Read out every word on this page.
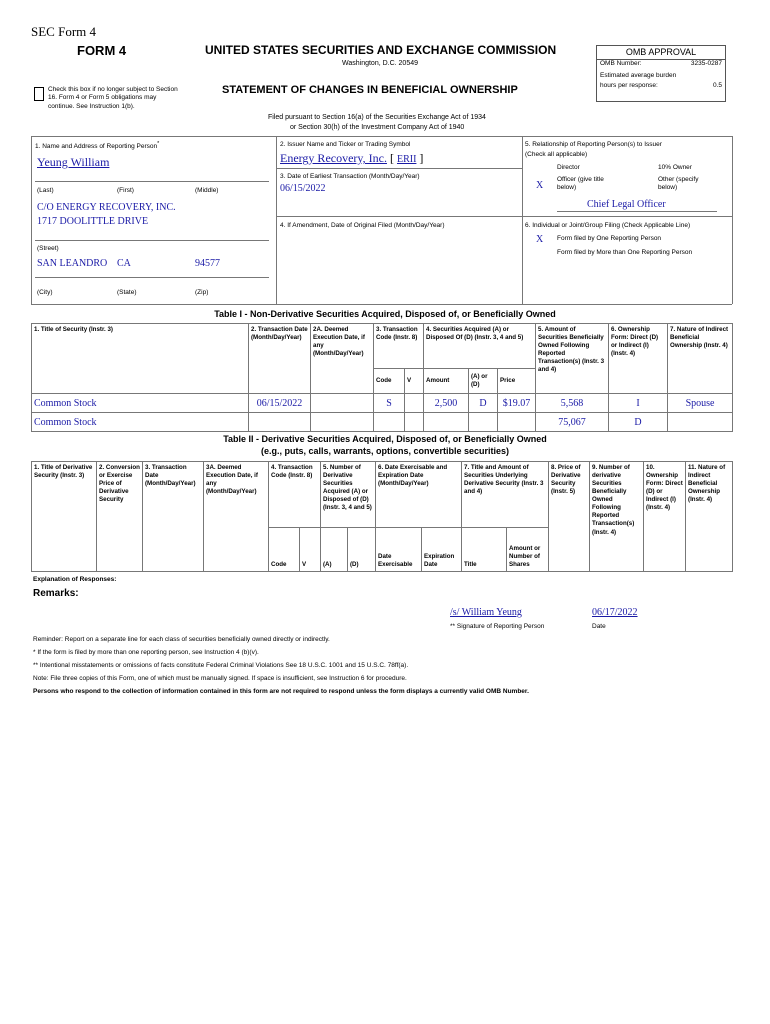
SEC Form 4
FORM 4	UNITED STATES SECURITIES AND EXCHANGE COMMISSION
Washington, D.C. 20549
STATEMENT OF CHANGES IN BENEFICIAL OWNERSHIP
Check this box if no longer subject to Section 16. Form 4 or Form 5 obligations may continue. See Instruction 1(b).
Filed pursuant to Section 16(a) of the Securities Exchange Act of 1934
or Section 30(h) of the Investment Company Act of 1940
OMB APPROVAL
OMB Number:	3235-0287
Estimated average burden
hours per response:	0.5
1. Name and Address of Reporting Person*
Yeung William
(Last)	(First)	(Middle)
C/O ENERGY RECOVERY, INC.
1717 DOOLITTLE DRIVE
(Street)
SAN LEANDRO CA	94577
(City)	(State)	(Zip)
2. Issuer Name and Ticker or Trading Symbol
Energy Recovery, Inc. [ ERII ]
3. Date of Earliest Transaction (Month/Day/Year)
06/15/2022
4. If Amendment, Date of Original Filed (Month/Day/Year)
5. Relationship of Reporting Person(s) to Issuer
(Check all applicable)
Director	10% Owner
X
Officer (give title below)
Other (specify below)
Chief Legal Officer
6. Individual or Joint/Group Filing (Check Applicable Line)
X Form filed by One Reporting Person
Form filed by More than One Reporting Person
Table I - Non-Derivative Securities Acquired, Disposed of, or Beneficially Owned
1. Title of Security (Instr. 3)	2. Transaction Date (Month/Day/Year)	2A. Deemed Execution Date, if any (Month/Day/Year)	3. Transaction Code (Instr. 8)		4. Securities Acquired (A) or Disposed Of (D) (Instr. 3, 4 and 5)			5. Amount of Securities Beneficially Owned Following Reported Transaction(s) (Instr. 3 and 4)	6. Ownership Form: Direct (D) or Indirect (I) (Instr. 4)	7. Nature of Indirect Beneficial Ownership (Instr. 4)
			Code	V	Amount	(A) or (D)	Price			
Common Stock	06/15/2022		S		2,500	D	$19.07	5,568	I	Spouse
Common Stock								75,067	D	
Table II - Derivative Securities Acquired, Disposed of, or Beneficially Owned
(e.g., puts, calls, warrants, options, convertible securities)
1. Title of Derivative Security (Instr. 3)	2. Conversion or Exercise Price of Derivative Security	3. Transaction Date (Month/Day/Year)	3A. Deemed Execution Date, if any (Month/Day/Year)	4. Transaction Code (Instr. 8)		5. Number of Derivative Securities Acquired (A) or Disposed of (D) (Instr. 3, 4 and 5)		6. Date Exercisable and Expiration Date (Month/Day/Year)		7. Title and Amount of Securities Underlying Derivative Security (Instr. 3 and 4)		8. Price of Derivative Security (Instr. 5)	9. Number of derivative Securities Beneficially Owned Following Reported Transaction(s) (Instr. 4)	10. Ownership Form: Direct (D) or Indirect (I) (Instr. 4)	11. Nature of Indirect Beneficial Ownership (Instr. 4)
				Code	V	(A)	(D)	Date Exercisable	Expiration Date	Title	Amount or Number of Shares				
Explanation of Responses:
Remarks:
/s/ William Yeung	06/17/2022
** Signature of Reporting Person	Date
Reminder: Report on a separate line for each class of securities beneficially owned directly or indirectly.
* If the form is filed by more than one reporting person, see Instruction 4 (b)(v).
** Intentional misstatements or omissions of facts constitute Federal Criminal Violations See 18 U.S.C. 1001 and 15 U.S.C. 78ff(a).
Note: File three copies of this Form, one of which must be manually signed. If space is insufficient, see Instruction 6 for procedure.
Persons who respond to the collection of information contained in this form are not required to respond unless the form displays a currently valid OMB Number.
